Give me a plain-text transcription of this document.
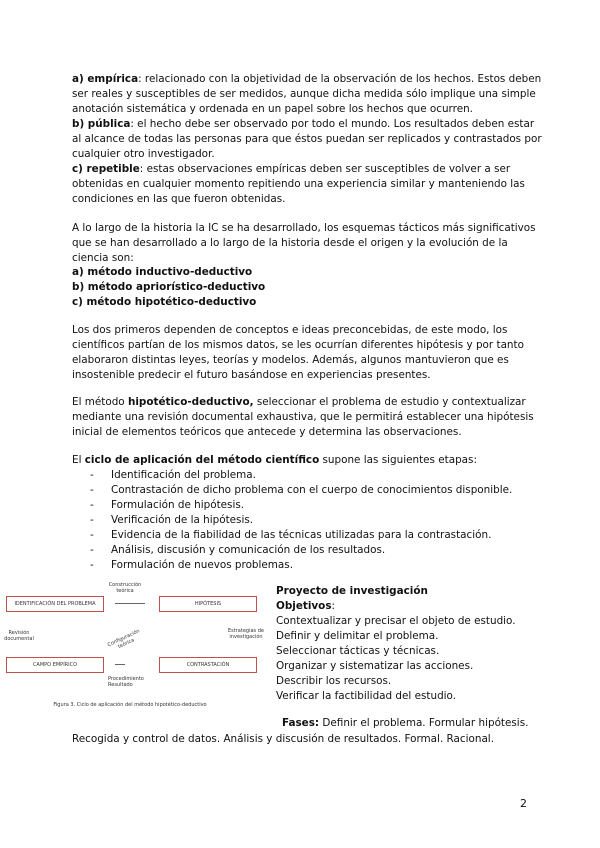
a) empírica: relacionado con la objetividad de la observación de los hechos. Estos deben ser reales y susceptibles de ser medidos, aunque dicha medida sólo implique una simple anotación sistemática y ordenada en un papel sobre los hechos que ocurren.
b) pública: el hecho debe ser observado por todo el mundo. Los resultados deben estar al alcance de todas las personas para que éstos puedan ser replicados y contrastados por cualquier otro investigador.
c) repetible: estas observaciones empíricas deben ser susceptibles de volver a ser obtenidas en cualquier momento repitiendo una experiencia similar y manteniendo las condiciones en las que fueron obtenidas.
A lo largo de la historia la IC se ha desarrollado, los esquemas tácticos más significativos que se han desarrollado a lo largo de la historia desde el origen y la evolución de la ciencia son:
a) método inductivo-deductivo
b) método apriorístico-deductivo
c) método hipotético-deductivo
Los dos primeros dependen de conceptos e ideas preconcebidas, de este modo, los científicos partían de los mismos datos, se les ocurrían diferentes hipótesis y por tanto elaboraron distintas leyes, teorías y modelos. Además, algunos mantuvieron que es insostenible predecir el futuro basándose en experiencias presentes.
El método hipotético-deductivo, seleccionar el problema de estudio y contextualizar mediante una revisión documental exhaustiva, que le permitirá establecer una hipótesis inicial de elementos teóricos que antecede y determina las observaciones.
El ciclo de aplicación del método científico supone las siguientes etapas:
- Identificación del problema.
- Contrastación de dicho problema con el cuerpo de conocimientos disponible.
- Formulación de hipótesis.
- Verificación de la hipótesis.
- Evidencia de la fiabilidad de las técnicas utilizadas para la contrastación.
- Análisis, discusión y comunicación de los resultados.
- Formulación de nuevos problemas.
IDENTIFICACIÓN DEL PROBLEMA	HIPÓTESIS
CAMPO EMPÍRICO	CONTRASTACIÓN
Construcción teórica
Revisión documental
Estrategias de investigación
Configuración teórica
Procedimiento
Resultado
Figura 3. Ciclo de aplicación del método hipotético-deductivo
Proyecto de investigación
Objetivos:
Contextualizar y precisar el objeto de estudio.
Definir y delimitar el problema.
Seleccionar tácticas y técnicas.
Organizar y sistematizar las acciones.
Describir los recursos.
Verificar la factibilidad del estudio.
Fases: Definir el problema. Formular hipótesis.
Recogida y control de datos. Análisis y discusión de resultados. Formal. Racional.
2
